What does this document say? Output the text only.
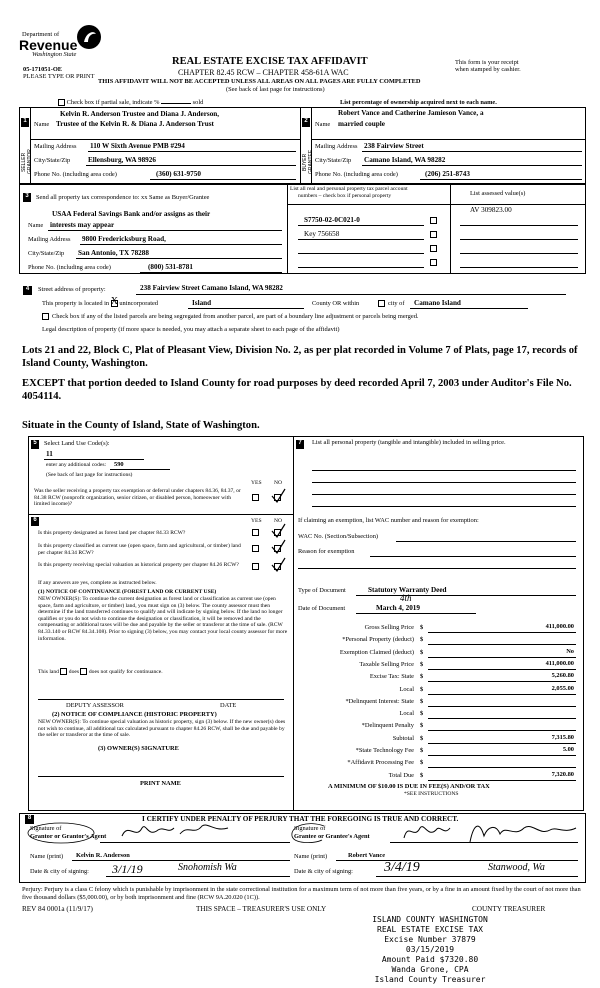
Department of
Revenue
Washington State
05-171051-OE
PLEASE TYPE OR PRINT
REAL ESTATE EXCISE TAX AFFIDAVIT
CHAPTER 82.45 RCW – CHAPTER 458-61A WAC
THIS AFFIDAVIT WILL NOT BE ACCEPTED UNLESS ALL AREAS ON ALL PAGES ARE FULLY COMPLETED
(See back of last page for instructions)
This form is your receipt
when stamped by cashier.
Check box if partial sale, indicate %	sold	List percentage of ownership acquired next to each name.
1
SELLER GRANTOR
Kelvin R. Anderson Trustee and Diana J. Anderson,
Name Trustee of the Kelvin R. & Diana J. Anderson Trust
Mailing Address 110 W Sixth Avenue PMB #294
City/State/Zip Ellensburg, WA 98926
Phone No. (including area code)	(360) 631-9750
2
BUYER GRANTEE
Robert Vance and Catherine Jamieson Vance, a
Name married couple
Mailing Address 238 Fairview Street
City/State/Zip Camano Island, WA 98282
Phone No. (including area code)	(206) 251-8743
3	Send all property tax correspondence to: xx Same as Buyer/Grantee
USAA Federal Savings Bank and/or assigns as their
Name interests may appear
Mailing Address 9800 Fredericksburg Road,
City/State/Zip San Antonio, TX 78288
Phone No. (including area code)	(800) 531-8781
List all real and personal property tax parcel account
numbers – check box if personal property	List assessed value(s)
S7750-02-0C021-0
AV 309823.00
Key 756658
4	Street address of property:	238 Fairview Street Camano Island, WA 98282
This property is located in X unincorporated	Island	County OR within	city of Camano Island
Check box if any of the listed parcels are being segregated from another parcel, are part of a boundary line adjustment or parcels being merged.
Legal description of property (if more space is needed, you may attach a separate sheet to each page of the affidavit)
Lots 21 and 22, Block C, Plat of Pleasant View, Division No. 2, as per plat recorded in Volume 7 of Plats, page 17, records of Island County, Washington.
EXCEPT that portion deeded to Island County for road purposes by deed recorded April 7, 2003 under Auditor's File No. 4054114.
Situate in the County of Island, State of Washington.
5	Select Land Use Code(s):
11
enter any additional codes: 590
(See back of last page for instructions)
YES NO
Was the seller receiving a property tax exemption or deferral under chapters 84.36, 84.37, or 84.38 RCW (nonprofit organization, senior citizen, or disabled person, homeowner with limited income)?
6	YES NO
Is this property designated as forest land per chapter 84.33 RCW?
Is this property classified as current use (open space, farm and agricultural, or timber) land per chapter 84.34 RCW?
Is this property receiving special valuation as historical property per chapter 84.26 RCW?
If any answers are yes, complete as instructed below.
(1) NOTICE OF CONTINUANCE (FOREST LAND OR CURRENT USE)
NEW OWNER(S): To continue the current designation as forest land or classification as current use (open space, farm and agriculture, or timber) land, you must sign on (3) below. The county assessor must then determine if the land transferred continues to qualify and will indicate by signing below. If the land no longer qualifies or you do not wish to continue the designation or classification, it will be removed and the compensating or additional taxes will be due and payable by the seller or transferor at the time of sale. (RCW 84.33.140 or RCW 84.34.108). Prior to signing (3) below, you may contact your local county assessor for more information.
This land does does not qualify for continuance.
DEPUTY ASSESSOR	DATE
(2) NOTICE OF COMPLIANCE (HISTORIC PROPERTY)
NEW OWNER(S): To continue special valuation as historic property, sign (3) below. If the new owner(s) does not wish to continue, all additional tax calculated pursuant to chapter 84.26 RCW, shall be due and payable by the seller or transferor at the time of sale.
(3) OWNER(S) SIGNATURE
PRINT NAME
7	List all personal property (tangible and intangible) included in selling price.
If claiming an exemption, list WAC number and reason for exemption:
WAC No. (Section/Subsection)
Reason for exemption
Type of Document	Statutory Warranty Deed
Date of Document	March 4, 2019
4th
Gross Selling Price $	411,000.00
*Personal Property (deduct) $
Exemption Claimed (deduct) $	No
Taxable Selling Price $	411,000.00
Excise Tax: State $	5,260.80
Local $	2,055.00
*Delinquent Interest: State $
Local $
*Delinquent Penalty $
Subtotal $	7,315.80
*State Technology Fee $	5.00
*Affidavit Processing Fee $
Total Due $	7,320.80
A MINIMUM OF $10.00 IS DUE IN FEE(S) AND/OR TAX
*SEE INSTRUCTIONS
8	I CERTIFY UNDER PENALTY OF PERJURY THAT THE FOREGOING IS TRUE AND CORRECT.
Signature of
Grantor or Grantor's Agent
Name (print) Kelvin R. Anderson
Date & city of signing: 3/1/19	Snohomish Wa
Signature of
Grantee or Grantee's Agent
Name (print)	Robert Vance
Date & city of signing: 3/4/19	Stanwood, Wa
Perjury: Perjury is a class C felony which is punishable by imprisonment in the state correctional institution for a maximum term of not more than five years, or by a fine in an amount fixed by the court of not more than five thousand dollars ($5,000.00), or by both imprisonment and fine (RCW 9A.20.020 (1C)).
REV 84 0001a (11/9/17)	THIS SPACE – TREASURER'S USE ONLY	COUNTY TREASURER
ISLAND COUNTY WASHINGTON
REAL ESTATE EXCISE TAX
Excise Number 37879
03/15/2019
Amount Paid $7320.80
Wanda Grone, CPA
Island County Treasurer
